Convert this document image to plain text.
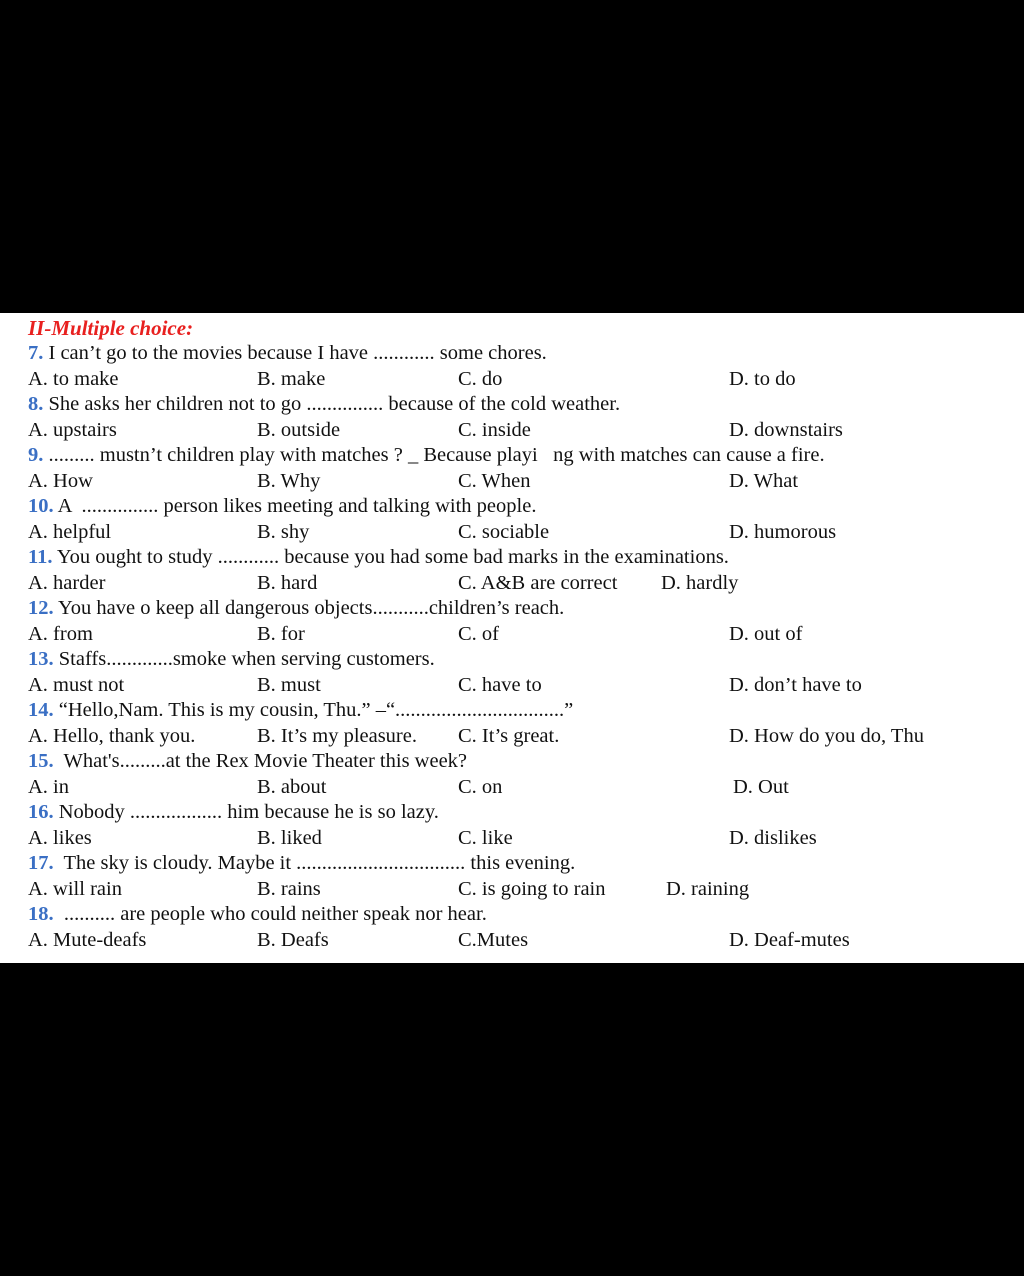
II-Multiple choice:
7. I can’t go to the movies because I have ............ some chores.
A. to make	B. make	C. do	D. to do
8. She asks her children not to go ............... because of the cold weather.
A. upstairs	B. outside	C. inside	D. downstairs
9. ......... mustn’t children play with matches ? _ Because playi   ng with matches can cause a fire.
A. How	B. Why	C. When	D. What
10. A  ............... person likes meeting and talking with people.
A. helpful	B. shy	C. sociable	D. humorous
11. You ought to study ............ because you had some bad marks in the examinations.
A. harder	B. hard	C. A&B are correct D. hardly
12. You have o keep all dangerous objects...........children’s reach.
A. from	B. for	C. of	D. out of
13. Staffs.............smoke when serving customers.
A. must not	B. must	C. have to	D. don’t have to
14. “Hello,Nam. This is my cousin, Thu.” –“.................................”
A. Hello, thank you.	B. It’s my pleasure. C. It’s great.	D. How do you do, Thu
15.  What's.........at the Rex Movie Theater this week?
A. in	B. about	C. on	D. Out
16. Nobody .................. him because he is so lazy.
A. likes	B. liked	C. like	D. dislikes
17.  The sky is cloudy. Maybe it ................................. this evening.
A. will rain	B. rains	C. is going to rain	D. raining
18.  .......... are people who could neither speak nor hear.
A. Mute-deafs	B. Deafs	C.Mutes	D. Deaf-mutes
